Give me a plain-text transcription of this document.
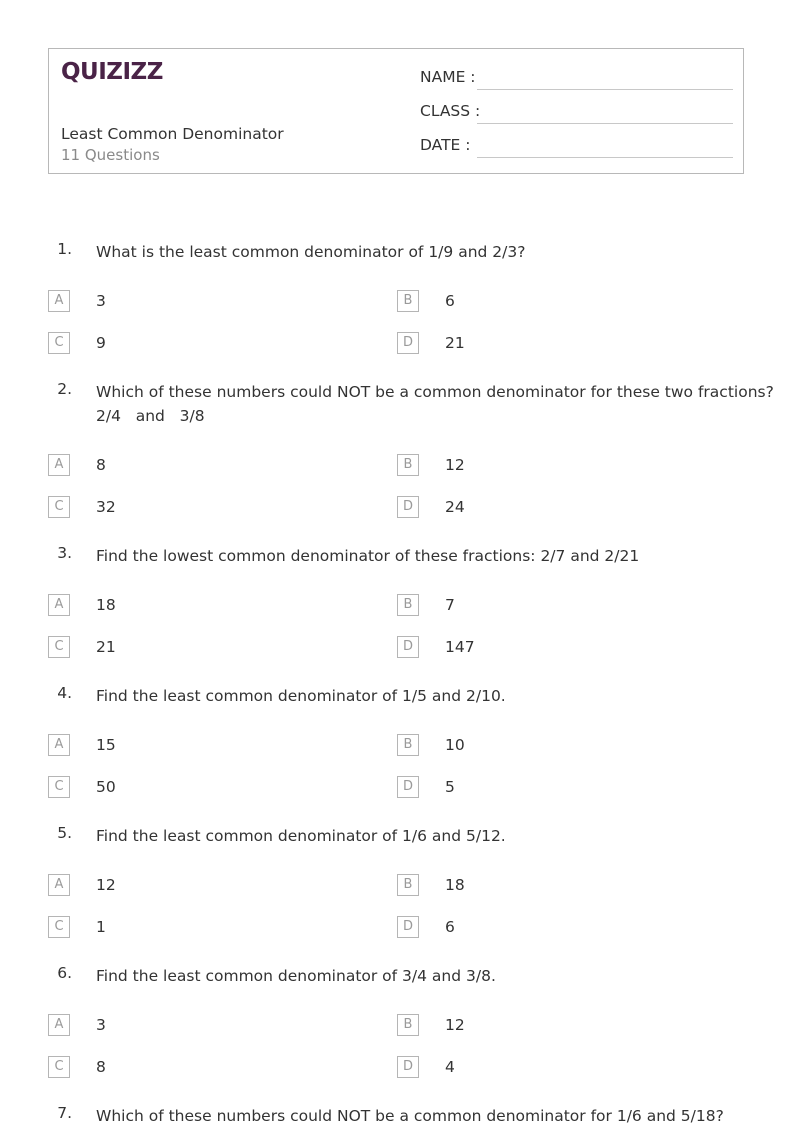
QUIZIZZ
Least Common Denominator
11 Questions
NAME :
CLASS :
DATE :
1. What is the least common denominator of 1/9 and 2/3?
A	3	B	6
C	9	D	21
2. Which of these numbers could NOT be a common denominator for these two fractions?
2/4   and   3/8
A	8	B	12
C	32	D	24
3. Find the lowest common denominator of these fractions: 2/7 and 2/21
A	18	B	7
C	21	D	147
4. Find the least common denominator of 1/5 and 2/10.
A	15	B	10
C	50	D	5
5. Find the least common denominator of 1/6 and 5/12.
A	12	B	18
C	1	D	6
6. Find the least common denominator of 3/4 and 3/8.
A	3	B	12
C	8	D	4
7. Which of these numbers could NOT be a common denominator for 1/6 and 5/18?
